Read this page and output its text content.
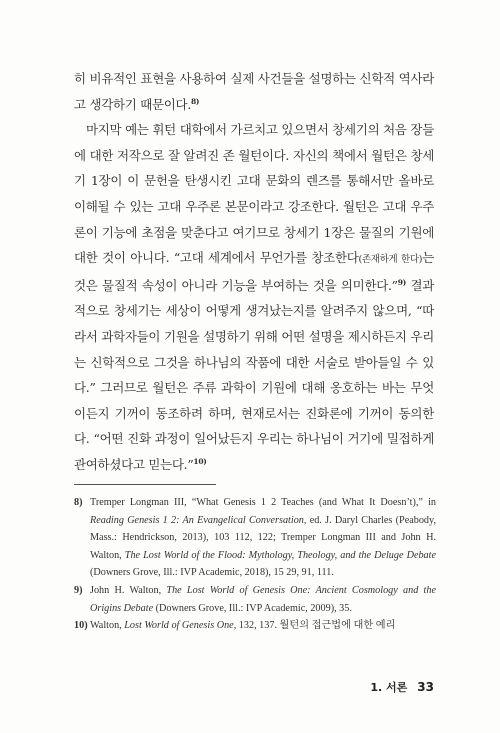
히 비유적인 표현을 사용하여 실제 사건들을 설명하는 신학적 역사라고 생각하기 때문이다.$^{8)}$

마지막 예는 휘턴 대학에서 가르치고 있으면서 창세기의 처음 장들에 대한 저작으로 잘 알려진 존 월턴이다. 자신의 책에서 월턴은 창세기 1장이 이 문헌을 탄생시킨 고대 문화의 렌즈를 통해서만 올바로 이해될 수 있는 고대 우주론 본문이라고 강조한다. 월턴은 고대 우주론이 기능에 초점을 맞춘다고 여기므로 창세기 1장은 물질의 기원에 대한 것이 아니다. “고대 세계에서 무언가를 창조한다(존재하게 한다)는 것은 물질적 속성이 아니라 기능을 부여하는 것을 의미한다.”$^{9)}$ 결과적으로 창세기는 세상이 어떻게 생겨났는지를 알려주지 않으며, “따라서 과학자들이 기원을 설명하기 위해 어떤 설명을 제시하든지 우리는 신학적으로 그것을 하나님의 작품에 대한 서술로 받아들일 수 있다.” 그러므로 월턴은 주류 과학이 기원에 대해 옹호하는 바는 무엇이든지 기꺼이 동조하려 하며, 현재로서는 진화론에 기꺼이 동의한다. “어떤 진화 과정이 일어났든지 우리는 하나님이 거기에 밀접하게 관여하셨다고 믿는다.”$^{10)}$

8) Tremper Longman III, “What Genesis 1 2 Teaches (and What It Doesn’t),” in Reading Genesis 1 2: An Evangelical Conversation, ed. J. Daryl Charles (Peabody, Mass.: Hendrickson, 2013), 103 112, 122; Tremper Longman III and John H. Walton, The Lost World of the Flood: Mythology, Theology, and the Deluge Debate (Downers Grove, Ill.: IVP Academic, 2018), 15 29, 91, 111.
9) John H. Walton, The Lost World of Genesis One: Ancient Cosmology and the Origins Debate (Downers Grove, Ill.: IVP Academic, 2009), 35.
10) Walton, Lost World of Genesis One, 132, 137. 월턴의 접근법에 대한 예리
1. 서론 33
